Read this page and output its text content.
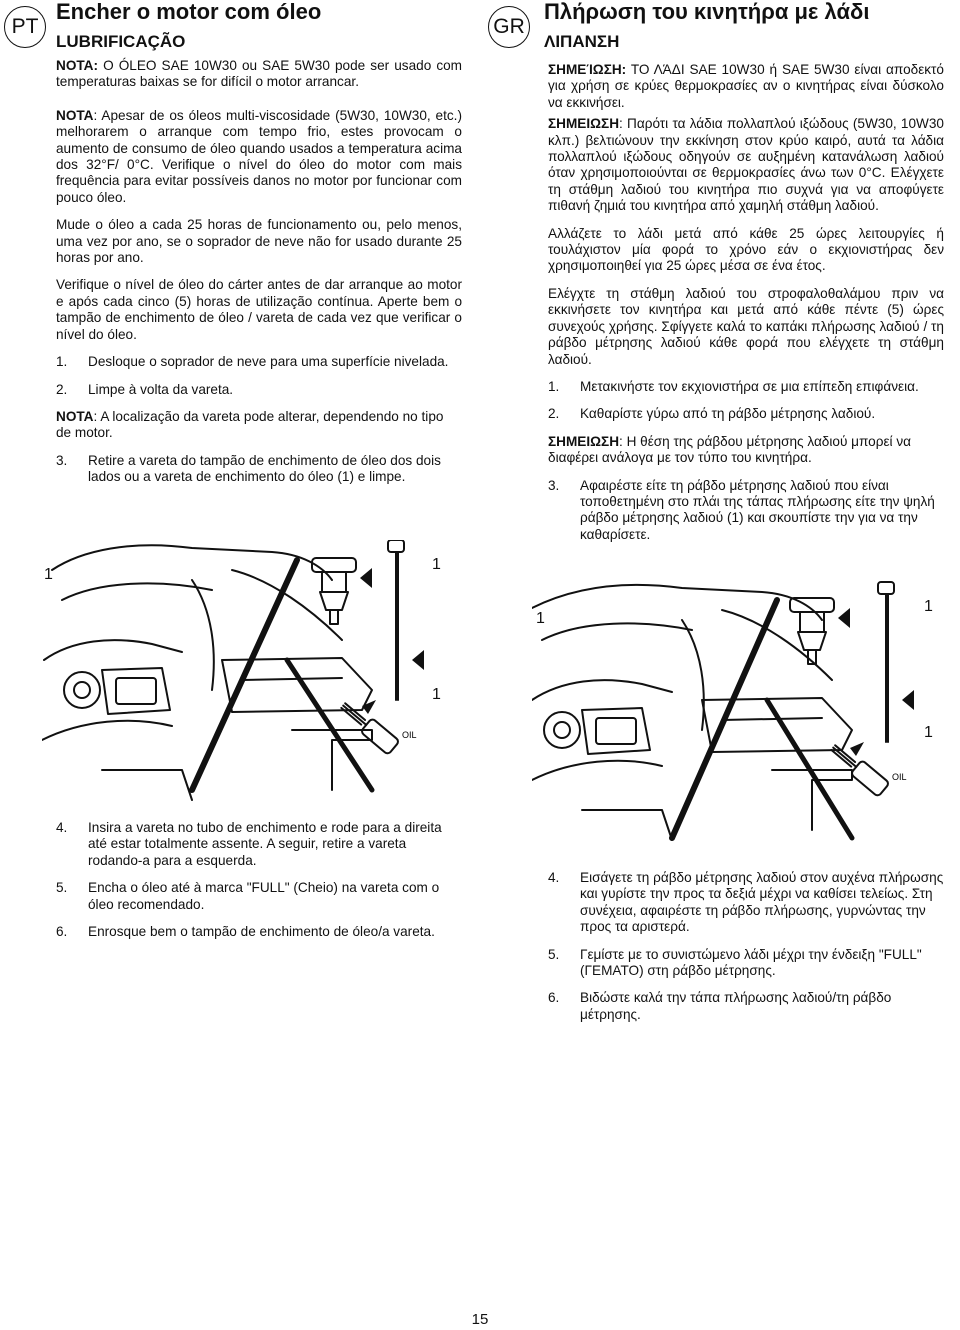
PT
Encher o motor com óleo
LUBRIFICAÇÃO

NOTA: O ÓLEO SAE 10W30 ou SAE 5W30 pode ser usado com temperaturas baixas se for difícil o motor arrancar.

NOTA: Apesar de os óleos multi-viscosidade (5W30, 10W30, etc.) melhorarem o arranque com tempo frio, estes provocam o aumento de consumo de óleo quando usados a temperatura acima dos 32°F/ 0°C. Verifique o nível do óleo do motor com mais frequência para evitar possíveis danos no motor por funcionar com pouco óleo.

Mude o óleo a cada 25 horas de funcionamento ou, pelo menos, uma vez por ano, se o soprador de neve não for usado durante 25 horas por ano.

Verifique o nível de óleo do cárter antes de dar arranque ao motor e após cada cinco (5) horas de utilização contínua. Aperte bem o tampão de enchimento de óleo / vareta de cada vez que verificar o nível do óleo.

1.	Desloque o soprador de neve para uma superfície nivelada.
2.	Limpe à volta da vareta.

NOTA: A localização da vareta pode alterar, dependendo no tipo de motor.

3.	Retire a vareta do tampão de enchimento de óleo dos dois lados ou a vareta de enchimento do óleo (1) e limpe.
OIL
1
1
1
4.	Insira a vareta no tubo de enchimento e rode para a direita até estar totalmente assente. A seguir, retire a vareta rodando-a para a esquerda.
5.	Encha o óleo até à marca "FULL" (Cheio) na vareta com o óleo recomendado.
6.	Enrosque bem o tampão de enchimento de óleo/a vareta.
GR
Πλήρωση του κινητήρα με λάδι
ΛΙΠΑΝΣΗ

ΣΗΜΕΊΩΣΗ: ΤΟ ΛΆΔΙ SAE 10W30 ή SAE 5W30 είναι αποδεκτό για χρήση σε κρύες θερμοκρασίες αν ο κινητήρας είναι δύσκολο να εκκινήσει.

ΣΗΜΕΙΩΣΗ: Παρότι τα λάδια πολλαπλού ιξώδους (5W30, 10W30 κλπ.) βελτιώνουν την εκκίνηση στον κρύο καιρό, αυτά τα λάδια πολλαπλού ιξώδους οδηγούν σε αυξημένη κατανάλωση λαδιού όταν χρησιμοποιούνται σε θερμοκρασίες άνω των 0°C. Ελέγχετε τη στάθμη λαδιού του κινητήρα πιο συχνά για να αποφύγετε πιθανή ζημιά του κινητήρα από χαμηλή στάθμη λαδιού.

Αλλάζετε το λάδι μετά από κάθε 25 ώρες λειτουργίες ή τουλάχιστον μία φορά το χρόνο εάν ο εκχιονιστήρας δεν χρησιμοποιηθεί για 25 ώρες μέσα σε ένα έτος.

Ελέγχτε τη στάθμη λαδιού του στροφαλοθαλάμου πριν να εκκινήσετε τον κινητήρα και μετά από κάθε πέντε (5) ώρες συνεχούς χρήσης. Σφίγγετε καλά το καπάκι πλήρωσης λαδιού / τη ράβδο μέτρησης λαδιού κάθε φορά που ελέγχετε τη στάθμη λαδιού.

1.	Μετακινήστε τον εκχιονιστήρα σε μια επίπεδη επιφάνεια.
2.	Καθαρίστε γύρω από τη ράβδο μέτρησης λαδιού.

ΣΗΜΕΙΩΣΗ: Η θέση της ράβδου μέτρησης λαδιού μπορεί να διαφέρει ανάλογα με τον τύπο του κινητήρα.

3.	Αφαιρέστε είτε τη ράβδο μέτρησης λαδιού που είναι τοποθετημένη στο πλάι της τάπας πλήρωσης είτε την ψηλή ράβδο μέτρησης λαδιού (1) και σκουπίστε την για να την καθαρίσετε.
OIL
1
1
1
4.	Εισάγετε τη ράβδο μέτρησης λαδιού στον αυχένα πλήρωσης και γυρίστε την προς τα δεξιά μέχρι να καθίσει τελείως. Στη συνέχεια, αφαιρέστε τη ράβδο πλήρωσης, γυρνώντας την προς τα αριστερά.
5.	Γεμίστε με το συνιστώμενο λάδι μέχρι την ένδειξη "FULL" (ΓΕΜΑΤΟ) στη ράβδο μέτρησης.
6.	Βιδώστε καλά την τάπα πλήρωσης λαδιού/τη ράβδο μέτρησης.
15
